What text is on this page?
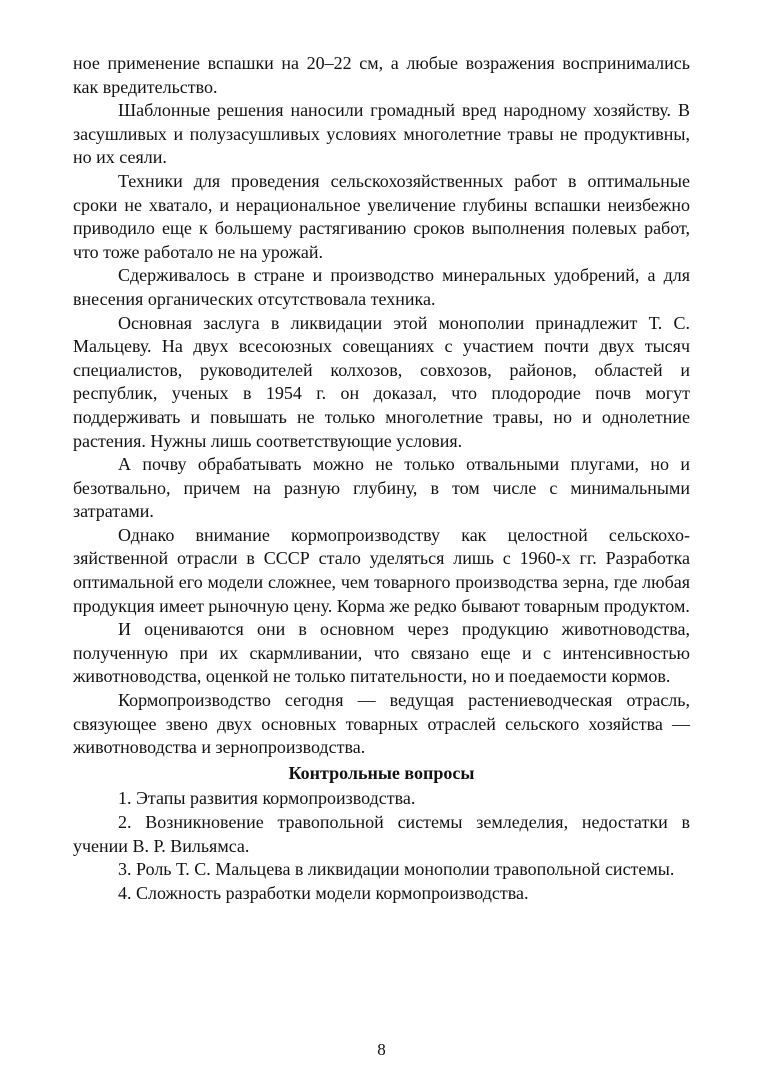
ное применение вспашки на 20–22 см, а любые возражения воспринимались как вредительство.

Шаблонные решения наносили громадный вред народному хозяйству. В засушливых и полузасушливых условиях многолетние травы не продуктивны, но их сеяли.

Техники для проведения сельскохозяйственных работ в оптимальные сроки не хватало, и нерациональное увеличение глубины вспашки неизбежно приводило еще к большему растягиванию сроков выполнения полевых работ, что тоже работало не на урожай.

Сдерживалось в стране и производство минеральных удобрений, а для внесения органических отсутствовала техника.

Основная заслуга в ликвидации этой монополии принадлежит Т. С. Мальцеву. На двух всесоюзных совещаниях с участием почти двух тысяч специалистов, руководителей колхозов, совхозов, районов, областей и республик, ученых в 1954 г. он доказал, что плодородие почв могут поддерживать и повышать не только многолетние травы, но и однолетние растения. Нужны лишь соответствующие условия.

А почву обрабатывать можно не только отвальными плугами, но и безотвально, причем на разную глубину, в том числе с минимальными затратами.

Однако внимание кормопроизводству как целостной сельскохозяйственной отрасли в СССР стало уделяться лишь с 1960-х гг. Разработка оптимальной его модели сложнее, чем товарного производства зерна, где любая продукция имеет рыночную цену. Корма же редко бывают товарным продуктом.

И оцениваются они в основном через продукцию животноводства, полученную при их скармливании, что связано еще и с интенсивностью животноводства, оценкой не только питательности, но и поедаемости кормов.

Кормопроизводство сегодня — ведущая растениеводческая отрасль, связующее звено двух основных товарных отраслей сельского хозяйства — животноводства и зернопроизводства.

Контрольные вопросы

1. Этапы развития кормопроизводства.

2. Возникновение травопольной системы земледелия, недостатки в учении В. Р. Вильямса.

3. Роль Т. С. Мальцева в ликвидации монополии травопольной системы.

4. Сложность разработки модели кормопроизводства.

8
